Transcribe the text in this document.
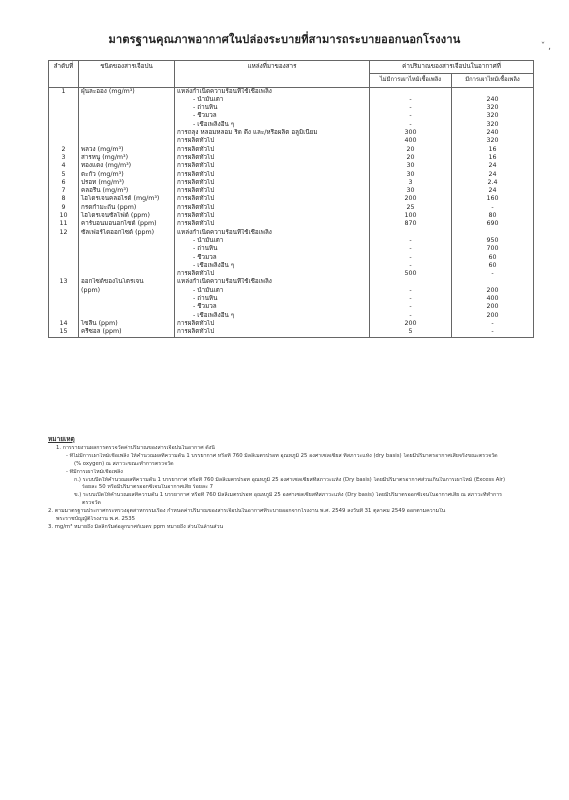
มาตรฐานคุณภาพอากาศในปล่องระบายที่สามารถระบายออกนอกโรงงาน
ˇ ,
ลำดับที่	ชนิดของสารเจือปน	แหล่งที่มาของสาร	ค่าปริมาณของสารเจือปนในอากาศที่	
			ไม่มีการเผาไหม้เชื้อเพลิง	มีการเผาไหม้เชื้อเพลิง
1	ฝุ่นละออง (mg/m³)	แหล่งกำเนิดความร้อนที่ใช้เชื้อเพลิง		
		- น้ำมันเตา	-	240
		- ถ่านหิน	-	320
		- ชีวมวล	-	320
		- เชื้อเพลิงอื่น ๆ	-	320
		การถลุง หลอมหลอม ริด ดึง และ/หรือผลิต อลูมิเนียม	300	240
		การผลิตทั่วไป	400	320
2	พลวง (mg/m³)	การผลิตทั่วไป	20	16
3	สารหนู (mg/m³)	การผลิตทั่วไป	20	16
4	ทองแดง (mg/m³)	การผลิตทั่วไป	30	24
5	ตะกั่ว (mg/m³)	การผลิตทั่วไป	30	24
6	ปรอท (mg/m³)	การผลิตทั่วไป	3	2.4
7	คลอรีน (mg/m³)	การผลิตทั่วไป	30	24
8	ไฮโดรเจนคลอไรด์ (mg/m³)	การผลิตทั่วไป	200	160
9	กรดกำมะถัน (ppm)	การผลิตทั่วไป	25	-
10	ไฮโดรเจนซัลไฟด์ (ppm)	การผลิตทั่วไป	100	80
11	คาร์บอนมอนอกไซด์ (ppm)	การผลิตทั่วไป	870	690
12	ซัลเฟอร์ไดออกไซด์ (ppm)	แหล่งกำเนิดความร้อนที่ใช้เชื้อเพลิง		
		- น้ำมันเตา	-	950
		- ถ่านหิน	-	700
		- ชีวมวล	-	60
		- เชื้อเพลิงอื่น ๆ	-	60
		การผลิตทั่วไป	500	-

13	ออกไซด์ของไนโตรเจน	แหล่งกำเนิดความร้อนที่ใช้เชื้อเพลิง		
	(ppm)	- น้ำมันเตา	-	200
		- ถ่านหิน	-	400
		- ชีวมวล	-	200
		- เชื้อเพลิงอื่น ๆ	-	200
14	ไซลีน (ppm)	การผลิตทั่วไป	200	-
15	ครีซอล (ppm)	การผลิตทั่วไป	5	-
หมายเหตุ
1. การรายงานผลการตรวจวัดค่าปริมาณของสารเจือปนในอากาศ ดังนี้
- ที่ไม่มีการเผาไหม้เชื้อเพลิง ให้คำนวณผลที่ความดัน 1 บรรยากาศ หรือที่ 760 มิลลิเมตรปรอท อุณหภูมิ 25 องศาเซลเซียส ที่สภาวะแห้ง (dry basis) โดยมีปริมาตรอากาศเสียจริงขณะตรวจวัด
(% oxygen) ณ สภาวะขณะทำการตรวจวัด
- ที่มีการเผาไหม้เชื้อเพลิง
ก.) ระบบปิดให้คำนวณผลที่ความดัน 1 บรรยากาศ หรือที่ 760 มิลลิเมตรปรอท อุณหภูมิ 25 องศาเซลเซียสที่สภาวะแห้ง (Dry basis) โดยมีปริมาตรอากาศส่วนเกินในการเผาไหม้ (Excess Air)
ร้อยละ 50 หรือมีปริมาตรออกซิเจนในอากาศเสีย ร้อยละ 7
ข.) ระบบเปิดให้คำนวณผลที่ความดัน 1 บรรยากาศ หรือที่ 760 มิลลิเมตรปรอท อุณหภูมิ 25 องศาเซลเซียสที่สภาวะแห้ง (Dry basis) โดยมีปริมาตรออกซิเจนในอากาศเสีย ณ สภาวะที่ทำการ
ตรวจวัด
2. ตามมาตรฐานประกาศกระทรวงอุตสาหกรรมเรื่อง กำหนดค่าปริมาณของสารเจือปนในอากาศที่ระบายออกจากโรงงาน พ.ศ. 2549 ลงวันที่ 31 ตุลาคม 2549 ออกตามความใน
พระราชบัญญัติโรงงาน พ.ศ. 2535
3. mg/m³ หมายถึง มิลลิกรัมต่อลูกบาศก์เมตร ppm หมายถึง ส่วนในล้านส่วน
